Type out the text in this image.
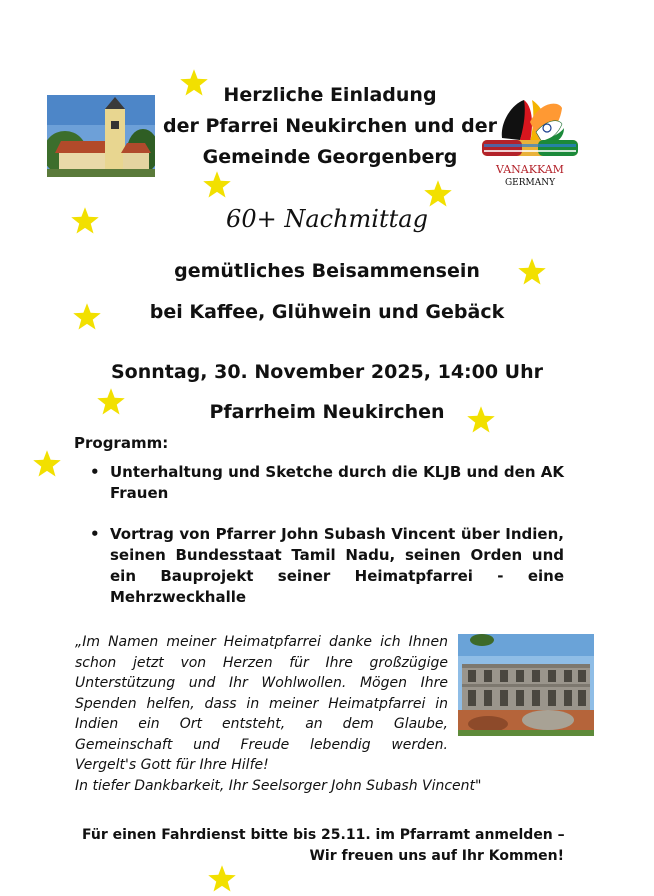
Herzliche Einladung
der Pfarrei Neukirchen und der
Gemeinde Georgenberg
VANAKKAM
GERMANY
60+ Nachmittag
gemütliches Beisammensein
bei Kaffee, Glühwein und Gebäck
Sonntag, 30. November 2025, 14:00 Uhr
Pfarrheim Neukirchen
Programm:
• Unterhaltung und Sketche durch die KLJB und den AK Frauen
• Vortrag von Pfarrer John Subash Vincent über Indien, seinen Bundesstaat Tamil Nadu, seinen Orden und ein Bauprojekt seiner Heimatpfarrei - eine Mehrzweckhalle
„Im Namen meiner Heimatpfarrei danke ich Ihnen schon jetzt von Herzen für Ihre großzügige Unterstützung und Ihr Wohlwollen. Mögen Ihre Spenden helfen, dass in meiner Heimatpfarrei in Indien ein Ort entsteht, an dem Glaube, Gemeinschaft und Freude lebendig werden. Vergelt's Gott für Ihre Hilfe!
In tiefer Dankbarkeit, Ihr Seelsorger John Subash Vincent"
Für einen Fahrdienst bitte bis 25.11. im Pfarramt anmelden –
Wir freuen uns auf Ihr Kommen!
